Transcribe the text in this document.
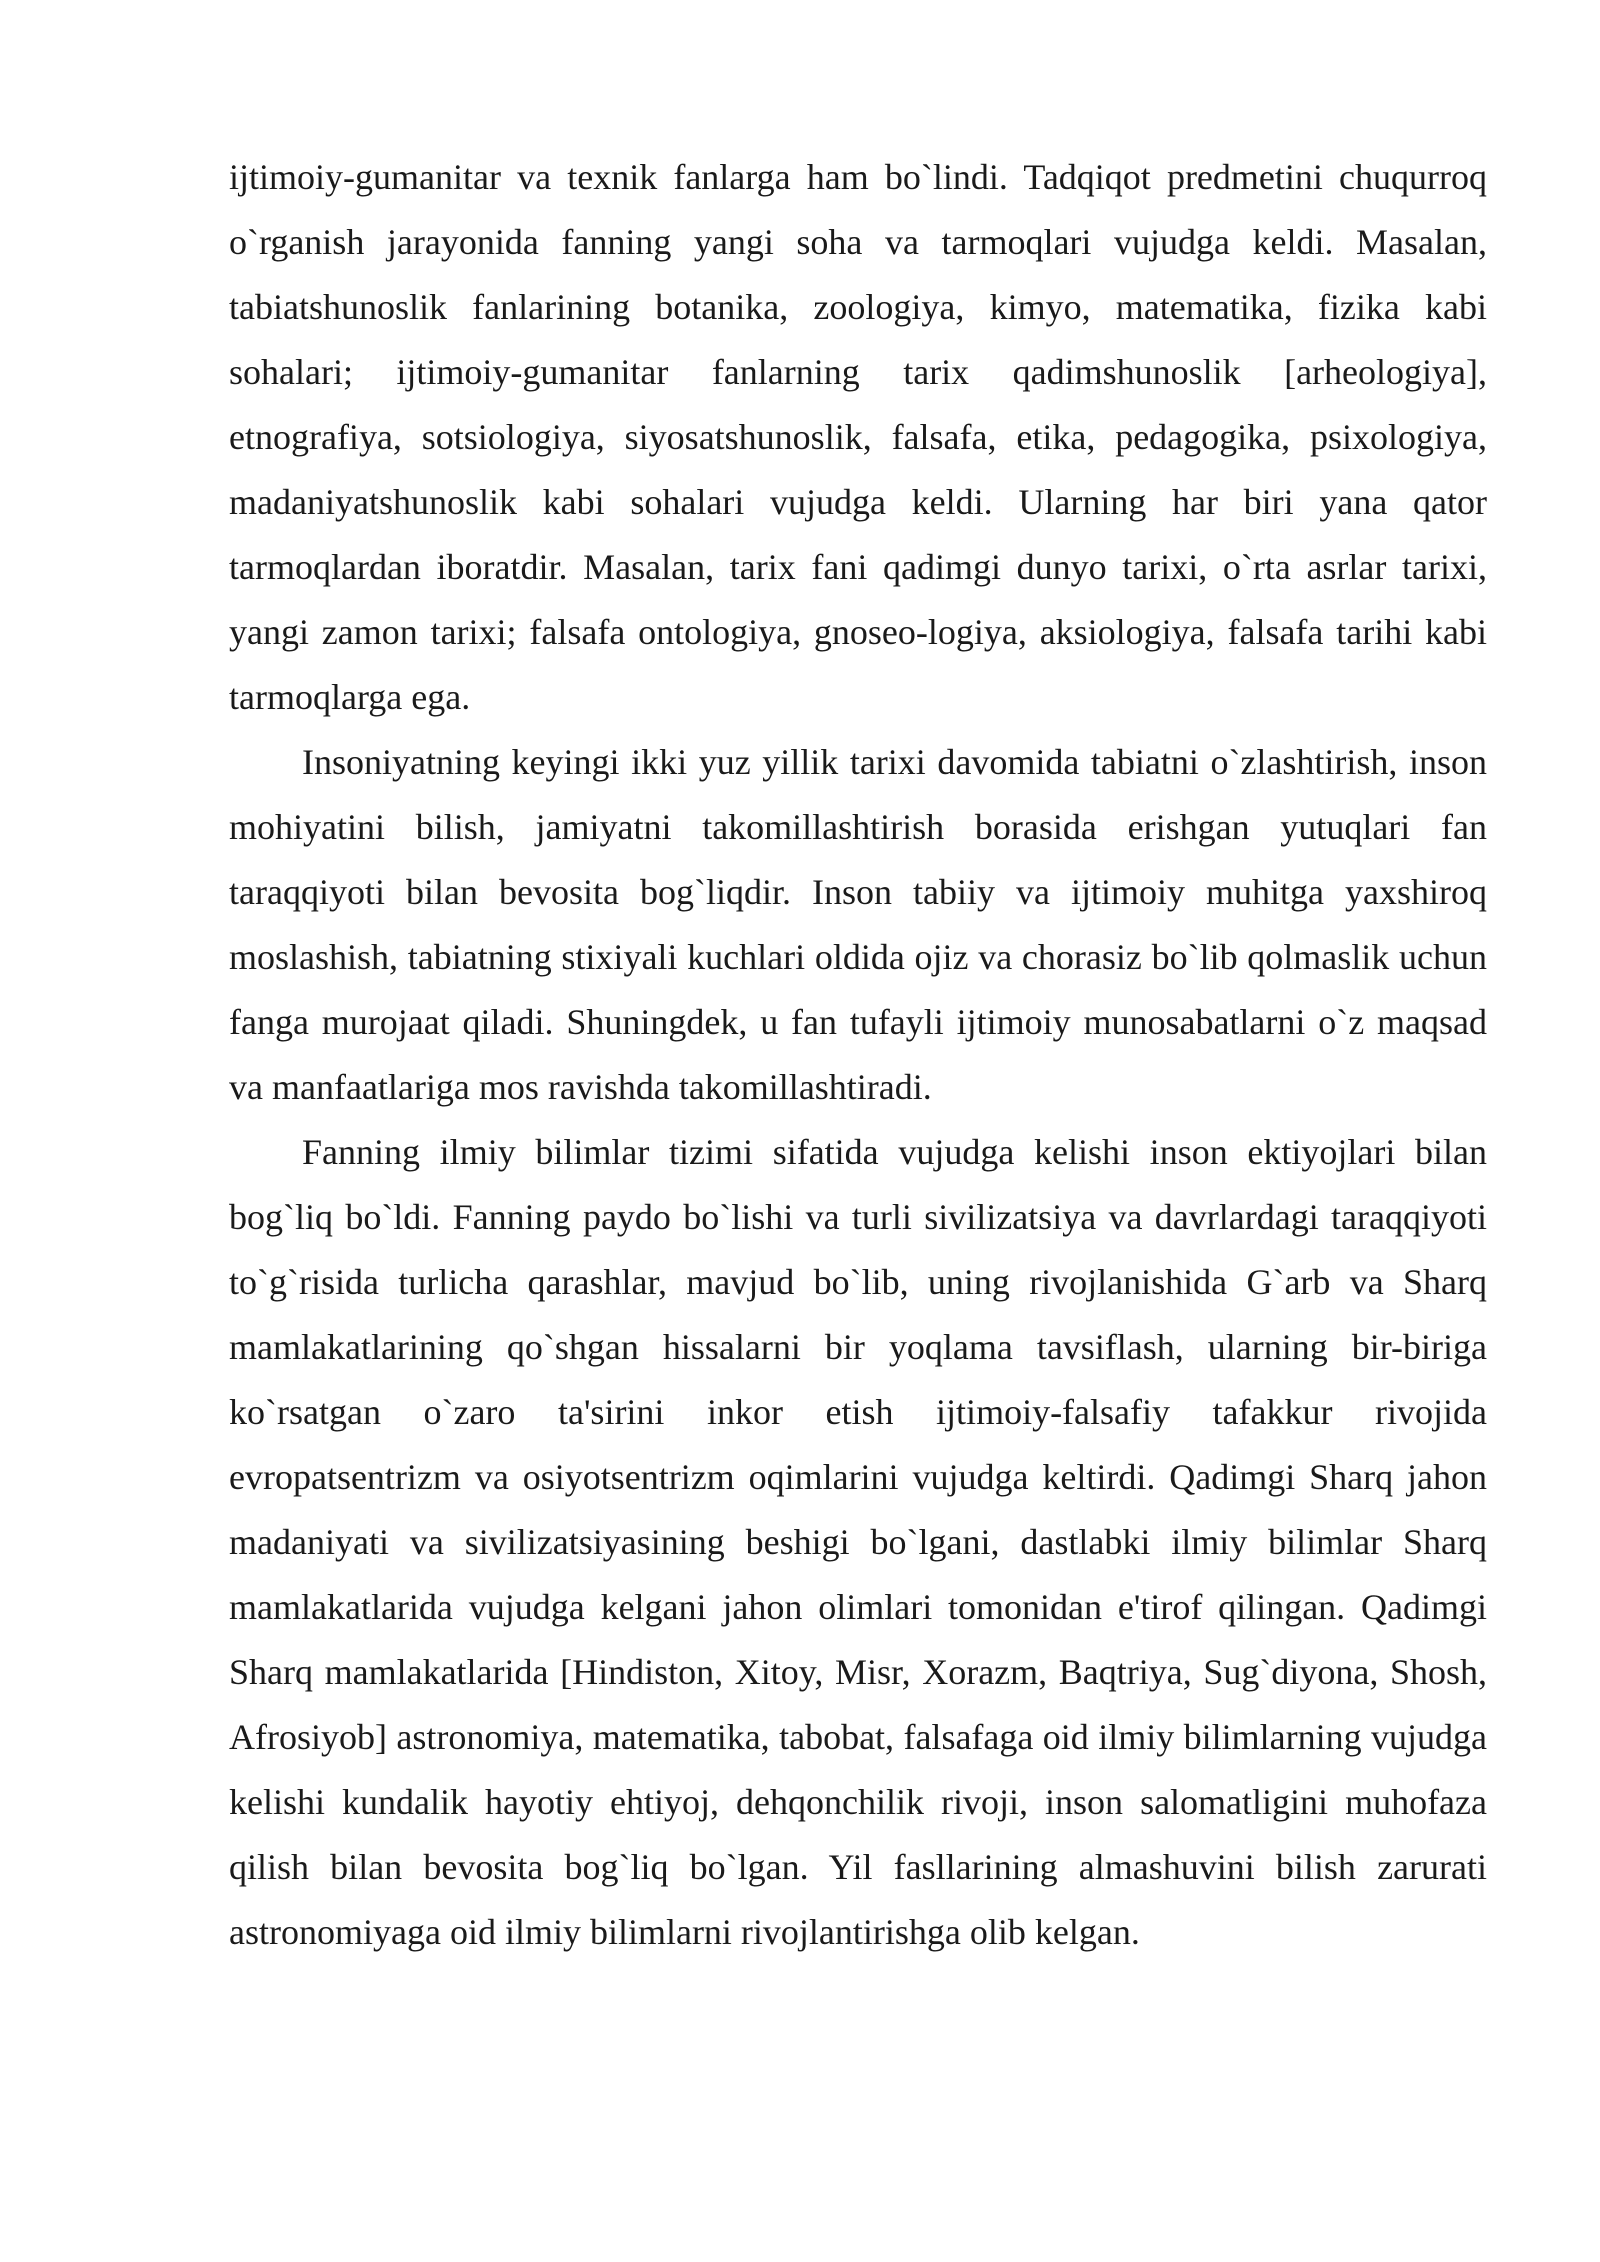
ijtimoiy-gumanitar va texnik fanlarga ham bo`lindi. Tadqiqot predmetini chuqurroq o`rganish jarayonida fanning yangi soha va tarmoqlari vujudga keldi. Masalan, tabiatshunoslik fanlarining botanika, zoologiya, kimyo, matematika, fizika kabi sohalari; ijtimoiy-gumanitar fanlarning tarix qadimshunoslik [arheologiya], etnografiya, sotsiologiya, siyosatshunoslik, falsafa, etika, pedagogika, psixologiya, madaniyatshunoslik kabi sohalari vujudga keldi. Ularning har biri yana qator tarmoqlardan iboratdir. Masalan, tarix fani qadimgi dunyo tarixi, o`rta asrlar tarixi, yangi zamon tarixi; falsafa ontologiya, gnoseo-logiya, aksiologiya, falsafa tarihi kabi tarmoqlarga ega.

Insoniyatning keyingi ikki yuz yillik tarixi davomida tabiatni o`zlashtirish, inson mohiyatini bilish, jamiyatni takomillashtirish borasida erishgan yutuqlari fan taraqqiyoti bilan bevosita bog`liqdir. Inson tabiiy va ijtimoiy muhitga yaxshiroq moslashish, tabiatning stixiyali kuchlari oldida ojiz va chorasiz bo`lib qolmaslik uchun fanga murojaat qiladi. Shuningdek, u fan tufayli ijtimoiy munosabatlarni o`z maqsad va manfaatlariga mos ravishda takomillashtiradi.

Fanning ilmiy bilimlar tizimi sifatida vujudga kelishi inson ektiyojlari bilan bog`liq bo`ldi. Fanning paydo bo`lishi va turli sivilizatsiya va davrlardagi taraqqiyoti to`g`risida turlicha qarashlar, mavjud bo`lib, uning rivojlanishida G`arb va Sharq mamlakatlarining qo`shgan hissalarni bir yoqlama tavsiflash, ularning bir-biriga ko`rsatgan o`zaro ta'sirini inkor etish ijtimoiy-falsafiy tafakkur rivojida evropatsentrizm va osiyotsentrizm oqimlarini vujudga keltirdi. Qadimgi Sharq jahon madaniyati va sivilizatsiyasining beshigi bo`lgani, dastlabki ilmiy bilimlar Sharq mamlakatlarida vujudga kelgani jahon olimlari tomonidan e'tirof qilingan. Qadimgi Sharq mamlakatlarida [Hindiston, Xitoy, Misr, Xorazm, Baqtriya, Sug`diyona, Shosh, Afrosiyob] astronomiya, matematika, tabobat, falsafaga oid ilmiy bilimlarning vujudga kelishi kundalik hayotiy ehtiyoj, dehqonchilik rivoji, inson salomatligini muhofaza qilish bilan bevosita bog`liq bo`lgan. Yil fasllarining almashuvini bilish zarurati astronomiyaga oid ilmiy bilimlarni rivojlantirishga olib kelgan.
